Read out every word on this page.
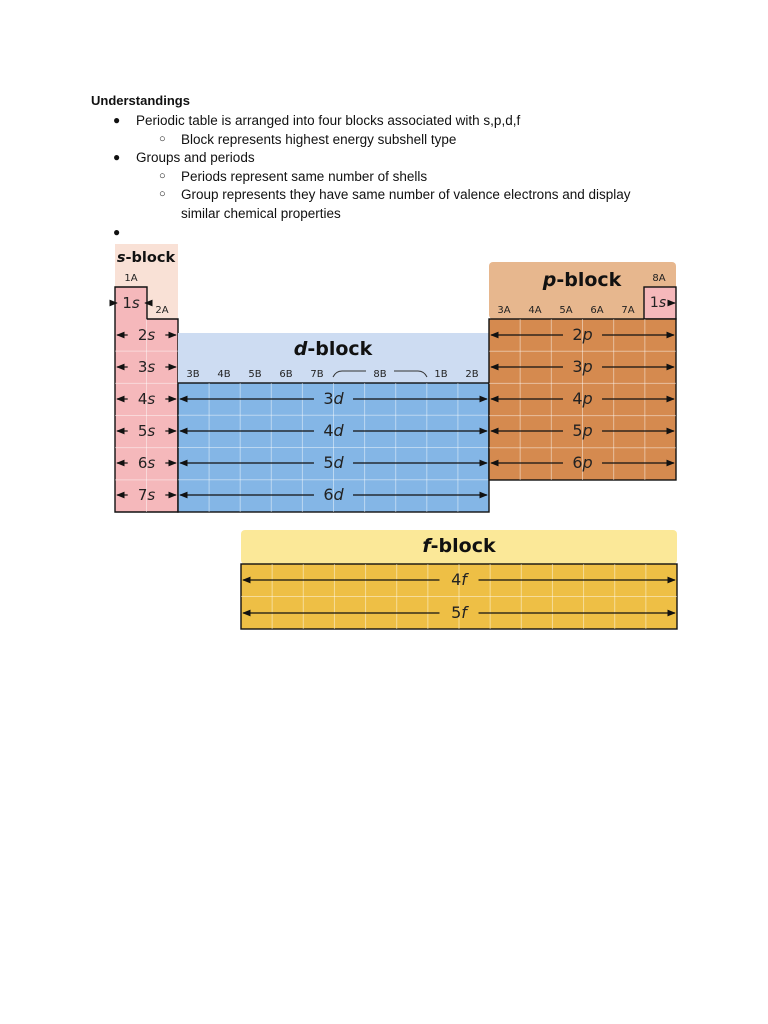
Understandings
● Periodic table is arranged into four blocks associated with s,p,d,f
○ Block represents highest energy subshell type
● Groups and periods
○ Periods represent same number of shells
○ Group represents they have same number of valence electrons and display similar chemical properties
●
s-block
1A
2A
1s
2s
3s
4s
5s
6s
7s
d-block
3B 4B 5B 6B 7B	8B	1B 2B
3d
4d
5d
6d
p-block
3A 4A 5A 6A 7A
8A
1s
2p
3p
4p
5p
6p
f-block
4f
5f
